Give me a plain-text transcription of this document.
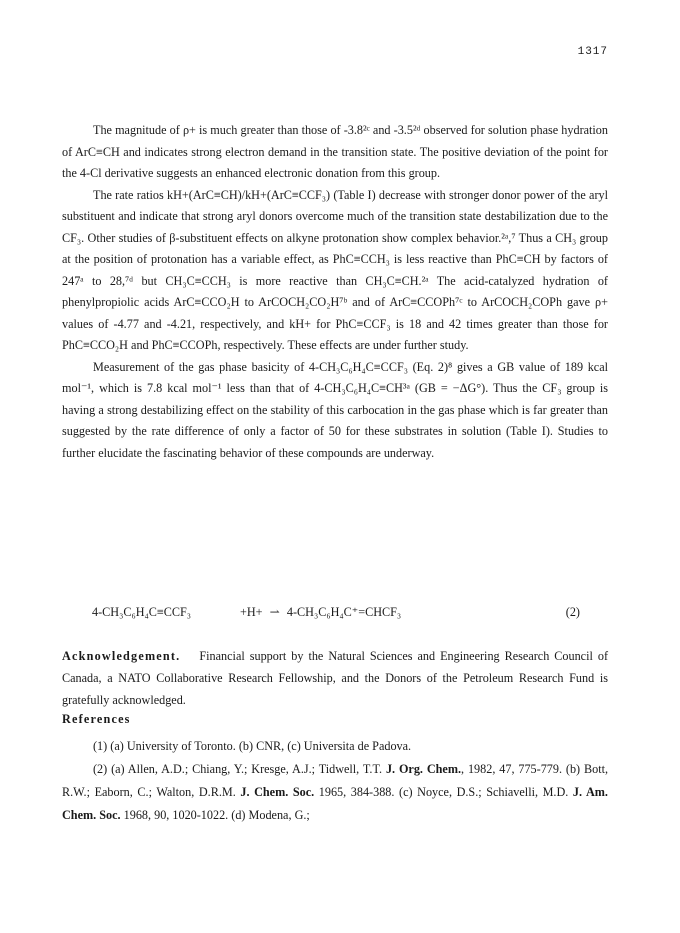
1317

The magnitude of ρ+ is much greater than those of -3.8²ᶜ and -3.5²ᵈ observed for solution phase hydration of ArC≡CH and indicates strong electron demand in the transition state. The positive deviation of the point for the 4-Cl derivative suggests an enhanced electronic donation from this group.

The rate ratios kH+(ArC≡CH)/kH+(ArC≡CCF₃) (Table I) decrease with stronger donor power of the aryl substituent and indicate that strong aryl donors overcome much of the transition state destabilization due to the CF₃. Other studies of β-substituent effects on alkyne protonation show complex behavior.²ᵃ,⁷ Thus a CH₃ group at the position of protonation has a variable effect, as PhC≡CCH₃ is less reactive than PhC≡CH by factors of 247ᵃ to 28,⁷ᵈ but CH₃C≡CCH₃ is more reactive than CH₃C≡CH.²ᵃ The acid-catalyzed hydration of phenylpropiolic acids ArC≡CCO₂H to ArCOCH₂CO₂H⁷ᵇ and of ArC≡CCOPh⁷ᶜ to ArCOCH₂COPh gave ρ+ values of -4.77 and -4.21, respectively, and kH+ for PhC≡CCF₃ is 18 and 42 times greater than those for PhC≡CCO₂H and PhC≡CCOPh, respectively. These effects are under further study.

Measurement of the gas phase basicity of 4-CH₃C₆H₄C≡CCF₃ (Eq. 2)⁸ gives a GB value of 189 kcal mol⁻¹, which is 7.8 kcal mol⁻¹ less than that of 4-CH₃C₆H₄C≡CH³ᵃ (GB = −ΔG°). Thus the CF₃ group is having a strong destabilizing effect on the stability of this carbocation in the gas phase which is far greater than suggested by the rate difference of only a factor of 50 for these substrates in solution (Table I). Studies to further elucidate the fascinating behavior of these compounds are underway.

4-CH₃C₆H₄C≡CCF₃	+H+ ⇀ 4-CH₃C₆H₄C⁺=CHCF₃	(2)
Acknowledgement. Financial support by the Natural Sciences and Engineering Research Council of Canada, a NATO Collaborative Research Fellowship, and the Donors of the Petroleum Research Fund is gratefully acknowledged.
References

(1) (a) University of Toronto. (b) CNR, (c) Universita de Padova.

(2) (a) Allen, A.D.; Chiang, Y.; Kresge, A.J.; Tidwell, T.T. J. Org. Chem., 1982, 47, 775-779. (b) Bott, R.W.; Eaborn, C.; Walton, D.R.M. J. Chem. Soc. 1965, 384-388. (c) Noyce, D.S.; Schiavelli, M.D. J. Am. Chem. Soc. 1968, 90, 1020-1022. (d) Modena, G.;
